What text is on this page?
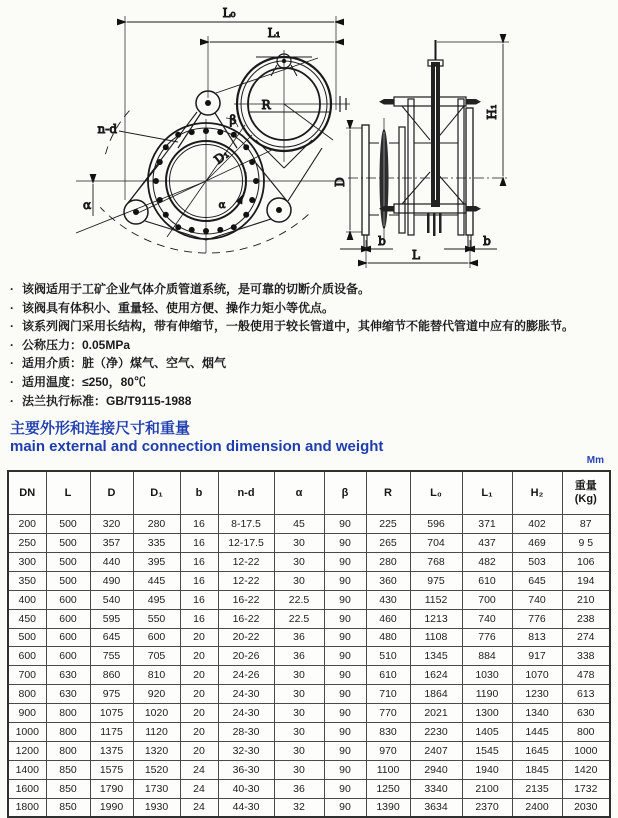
L₀
L₁
R
β
D₁
α
n-d
α
D
H₁
b	b
L
· 该阀适用于工矿企业气体介质管道系统，是可靠的切断介质设备。
· 该阀具有体积小、重量轻、使用方便、操作力矩小等优点。
· 该系列阀门采用长结构，带有伸缩节，一般使用于较长管道中，其伸缩节不能替代管道中应有的膨胀节。
· 公称压力：0.05MPa
· 适用介质：脏（净）煤气、空气、烟气
· 适用温度：≤250，80℃
· 法兰执行标准：GB/T9115-1988

主要外形和连接尺寸和重量

main external and connection dimension and weight

Mm
DN	L	D	D₁	b	n-d	α	β	R	L₀	L₁	H₂	重量
(Kg)

200	500	320	280	16	8-17.5	45	90	225	596	371	402	87
250	500	357	335	16	12-17.5	30	90	265	704	437	469	9 5
300	500	440	395	16	12-22	30	90	280	768	482	503	106
350	500	490	445	16	12-22	30	90	360	975	610	645	194
400	600	540	495	16	16-22	22.5	90	430	1152	700	740	210
450	600	595	550	16	16-22	22.5	90	460	1213	740	776	238
500	600	645	600	20	20-22	36	90	480	1108	776	813	274
600	600	755	705	20	20-26	36	90	510	1345	884	917	338
700	630	860	810	20	24-26	30	90	610	1624	1030	1070	478
800	630	975	920	20	24-30	30	90	710	1864	1190	1230	613
900	800	1075	1020	20	24-30	30	90	770	2021	1300	1340	630
1000	800	1175	1120	20	28-30	30	90	830	2230	1405	1445	800
1200	800	1375	1320	20	32-30	30	90	970	2407	1545	1645	1000
1400	850	1575	1520	24	36-30	30	90	1100	2940	1940	1845	1420
1600	850	1790	1730	24	40-30	36	90	1250	3340	2100	2135	1732
1800	850	1990	1930	24	44-30	32	90	1390	3634	2370	2400	2030
